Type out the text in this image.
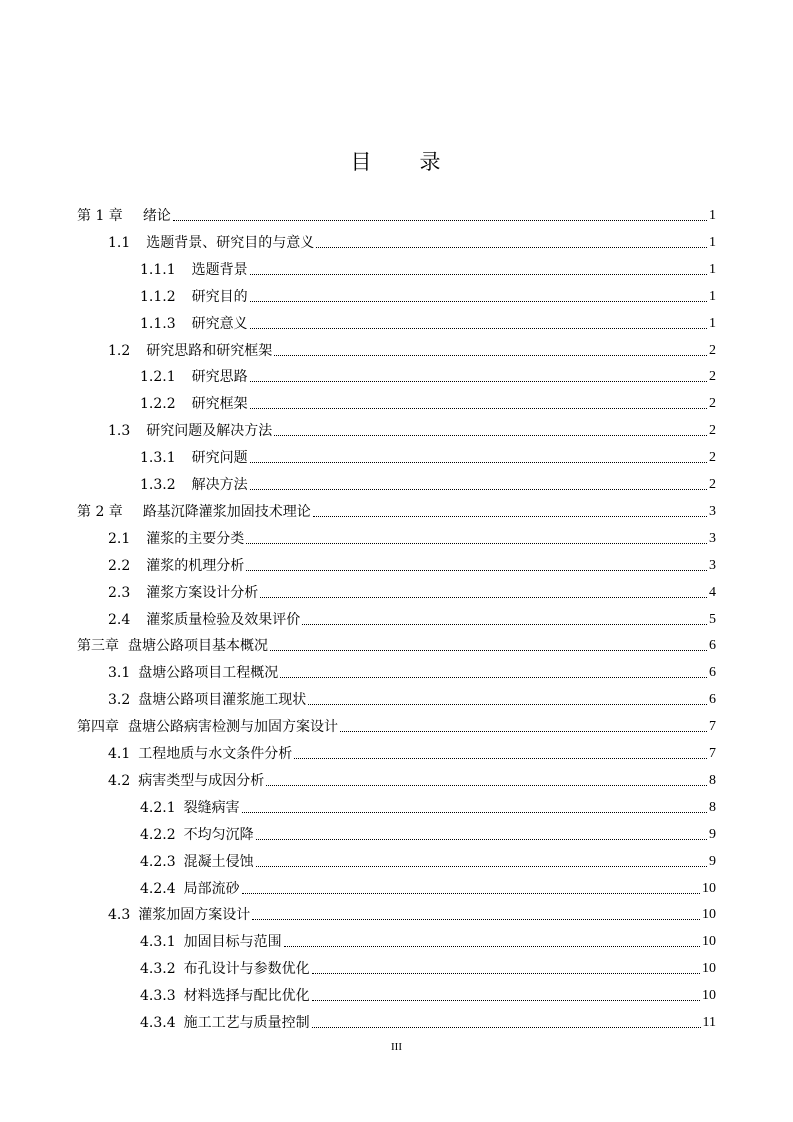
目　　录
第 1 章 绪论	1
1.1 选题背景、研究目的与意义	1
1.1.1 选题背景	1
1.1.2 研究目的	1
1.1.3 研究意义	1
1.2 研究思路和研究框架	2
1.2.1 研究思路	2
1.2.2 研究框架	2
1.3 研究问题及解决方法	2
1.3.1 研究问题	2
1.3.2 解决方法	2
第 2 章 路基沉降灌浆加固技术理论	3
2.1 灌浆的主要分类	3
2.2 灌浆的机理分析	3
2.3 灌浆方案设计分析	4
2.4 灌浆质量检验及效果评价	5
第三章 盘塘公路项目基本概况	6
3.1 盘塘公路项目工程概况	6
3.2 盘塘公路项目灌浆施工现状	6
第四章 盘塘公路病害检测与加固方案设计	7
4.1 工程地质与水文条件分析	7
4.2 病害类型与成因分析	8
4.2.1 裂缝病害	8
4.2.2 不均匀沉降	9
4.2.3 混凝土侵蚀	9
4.2.4 局部流砂	10
4.3 灌浆加固方案设计	10
4.3.1 加固目标与范围	10
4.3.2 布孔设计与参数优化	10
4.3.3 材料选择与配比优化	10
4.3.4 施工工艺与质量控制	11
III
